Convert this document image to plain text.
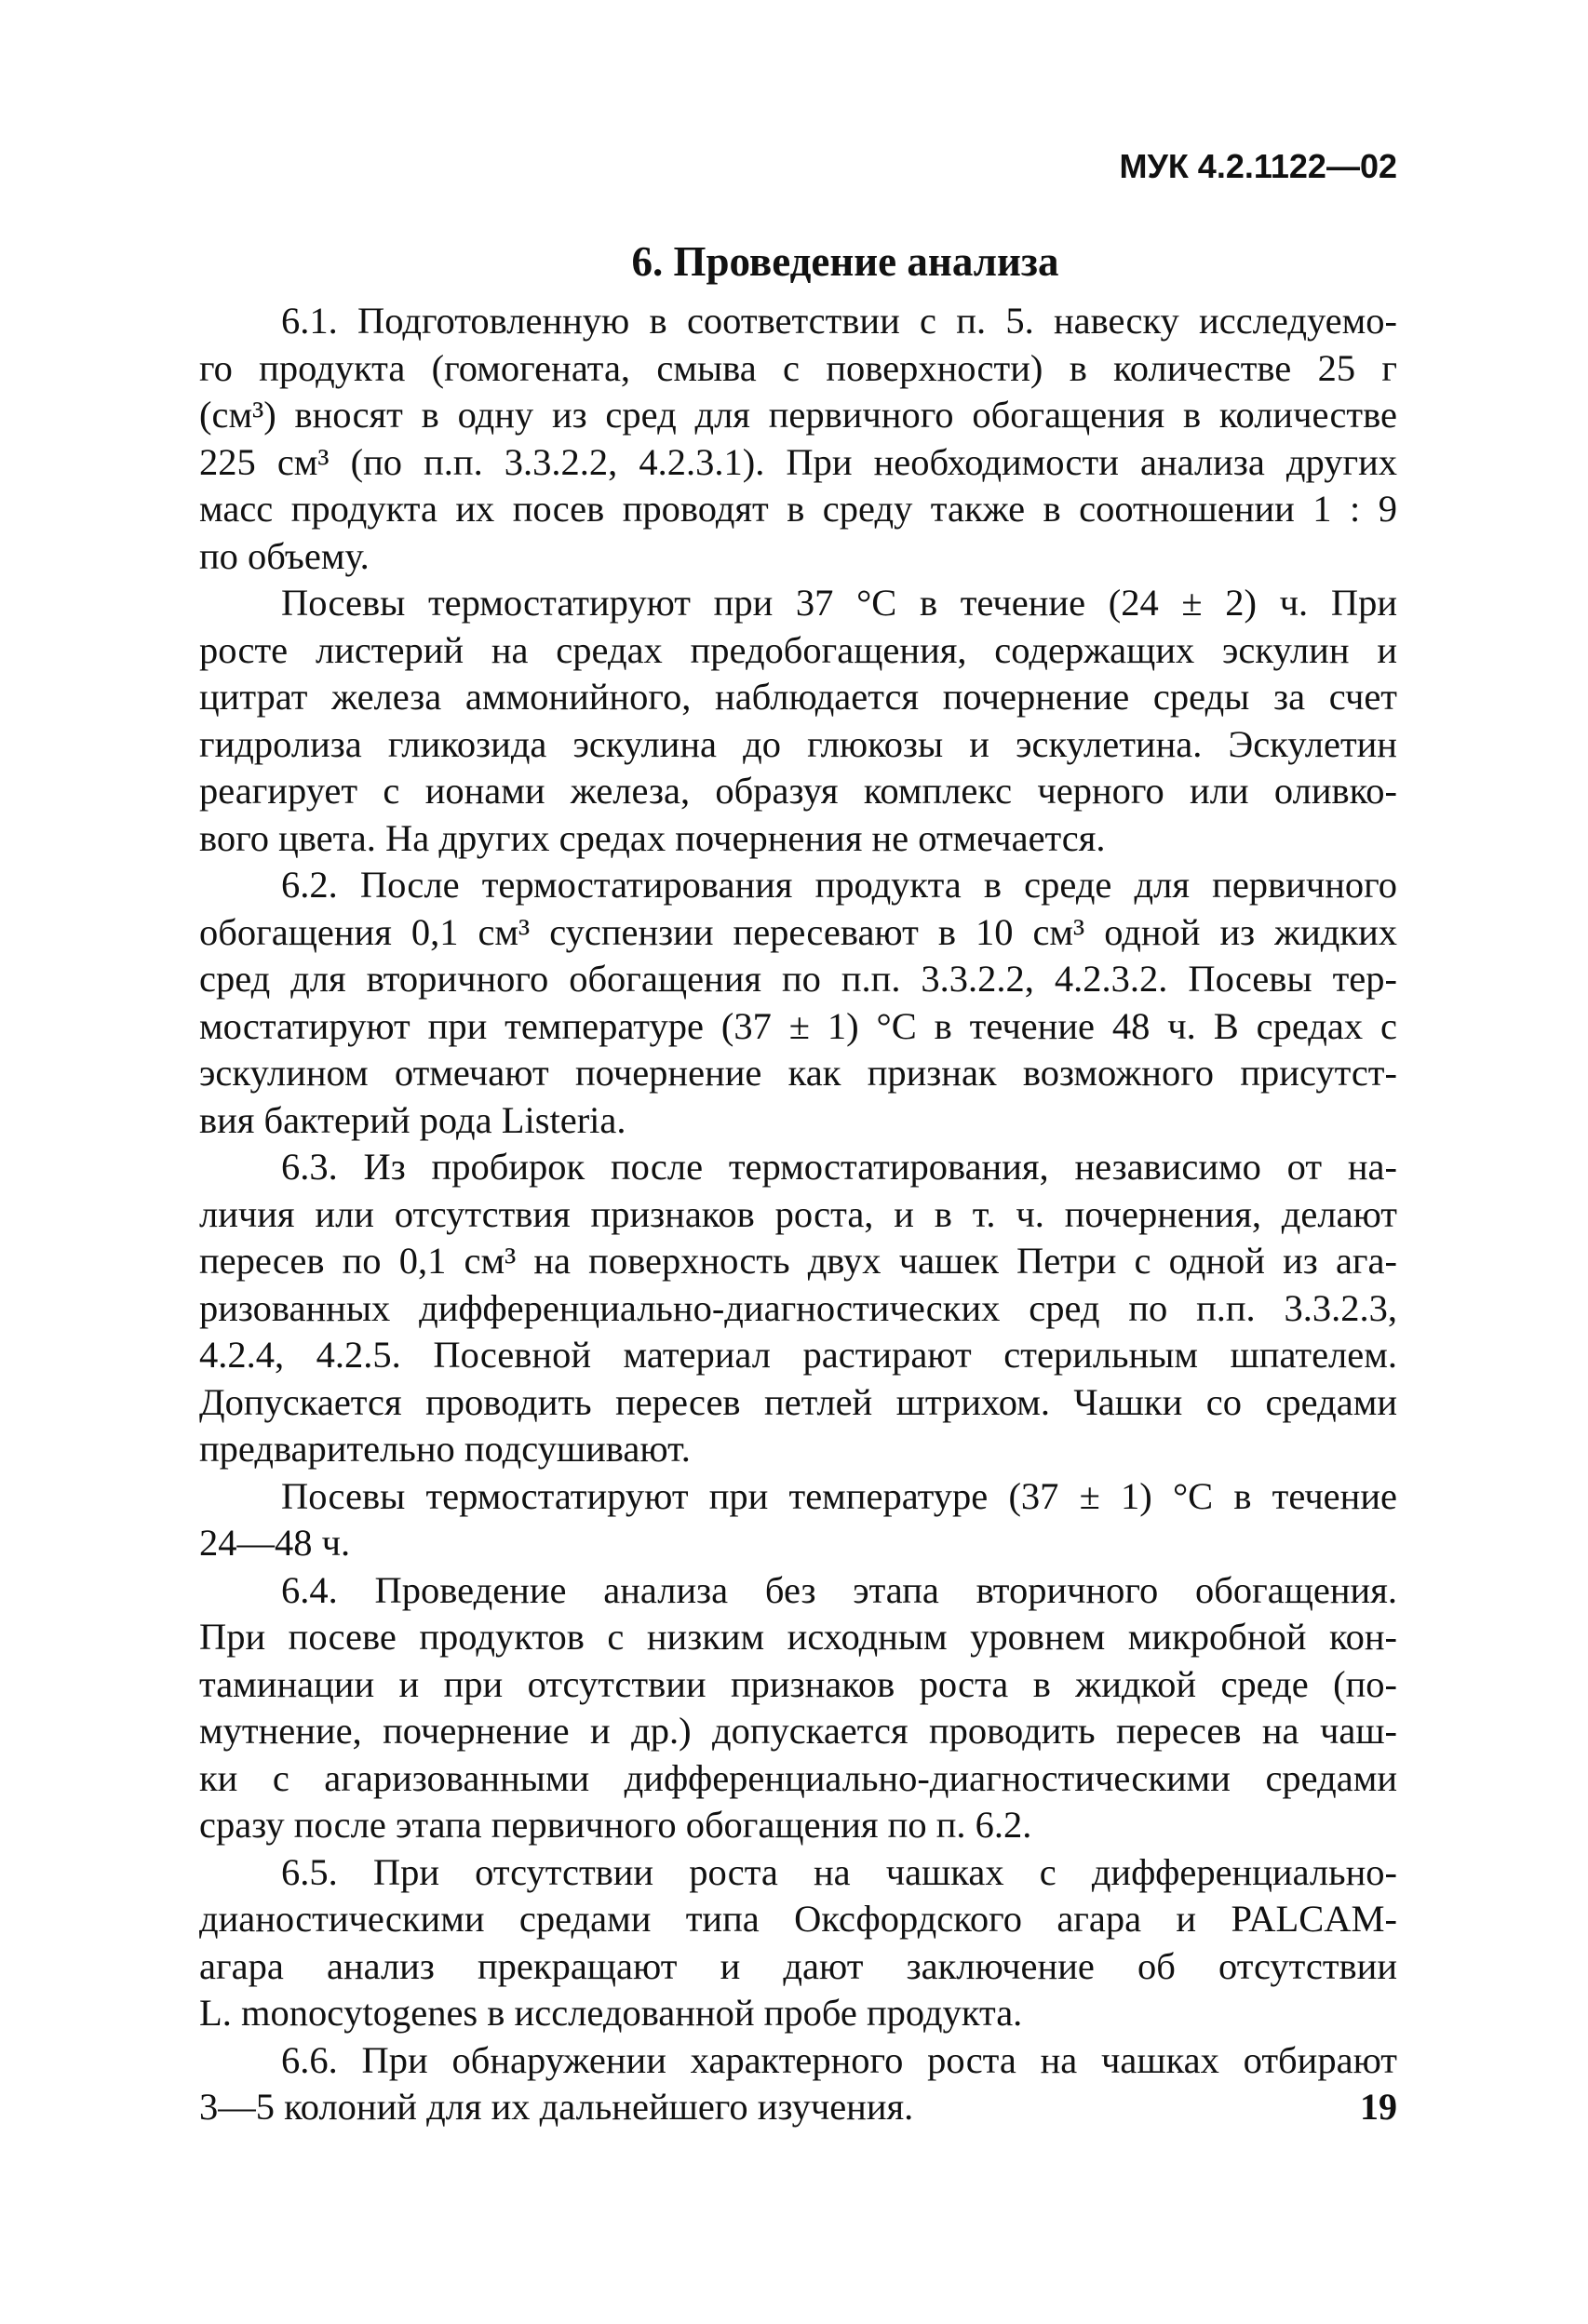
МУК 4.2.1122—02
6. Проведение анализа
6.1. Подготовленную в соответствии с п. 5. навеску исследуемо-
го продукта (гомогената, смыва с поверхности) в количестве 25 г
(см³) вносят в одну из сред для первичного обогащения в количестве
225 см³ (по п.п. 3.3.2.2, 4.2.3.1). При необходимости анализа других
масс продукта их посев проводят в среду также в соотношении 1 : 9
по объему.
Посевы термостатируют при 37 °С в течение (24 ± 2) ч. При
росте листерий на средах предобогащения, содержащих эскулин и
цитрат железа аммонийного, наблюдается почернение среды за счет
гидролиза гликозида эскулина до глюкозы и эскулетина. Эскулетин
реагирует с ионами железа, образуя комплекс черного или оливко-
вого цвета. На других средах почернения не отмечается.
6.2. После термостатирования продукта в среде для первичного
обогащения 0,1 см³ суспензии пересевают в 10 см³ одной из жидких
сред для вторичного обогащения по п.п. 3.3.2.2, 4.2.3.2. Посевы тер-
мостатируют при температуре (37 ± 1) °С в течение 48 ч. В средах с
эскулином отмечают почернение как признак возможного присутст-
вия бактерий рода Listeria.
6.3. Из пробирок после термостатирования, независимо от на-
личия или отсутствия признаков роста, и в т. ч. почернения, делают
пересев по 0,1 см³ на поверхность двух чашек Петри с одной из ага-
ризованных дифференциально-диагностических сред по п.п. 3.3.2.3,
4.2.4, 4.2.5. Посевной материал растирают стерильным шпателем.
Допускается проводить пересев петлей штрихом. Чашки со средами
предварительно подсушивают.
Посевы термостатируют при температуре (37 ± 1) °С в течение
24—48 ч.
6.4. Проведение анализа без этапа вторичного обогащения.
При посеве продуктов с низким исходным уровнем микробной кон-
таминации и при отсутствии признаков роста в жидкой среде (по-
мутнение, почернение и др.) допускается проводить пересев на чаш-
ки с агаризованными дифференциально-диагностическими средами
сразу после этапа первичного обогащения по п. 6.2.
6.5. При отсутствии роста на чашках с дифференциально-
дианостическими средами типа Оксфордского агара и PALCAM-
агара анализ прекращают и дают заключение об отсутствии
L. monocytogenes в исследованной пробе продукта.
6.6. При обнаружении характерного роста на чашках отбирают
3—5 колоний для их дальнейшего изучения.	19
